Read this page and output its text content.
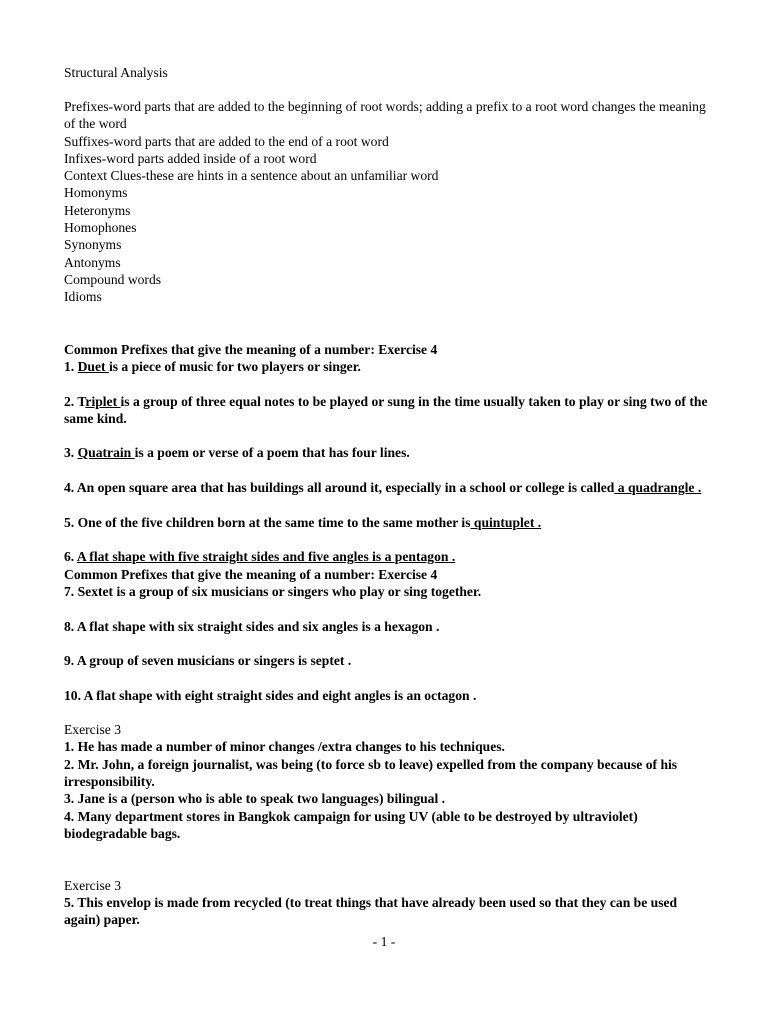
Structural Analysis
Prefixes-word parts that are added to the beginning of root words; adding a prefix to a root word changes the meaning of the word
Suffixes-word parts that are added to the end of a root word
Infixes-word parts added inside of a root word
Context Clues-these are hints in a sentence about an unfamiliar word
Homonyms
Heteronyms
Homophones
Synonyms
Antonyms
Compound words
Idioms
Common Prefixes that give the meaning of a number: Exercise 4
1. Duet is a piece of music for two players or singer.
2. Triplet is a group of three equal notes to be played or sung in the time usually taken to play or sing two of the same kind.
3. Quatrain is a poem or verse of a poem that has four lines.
4. An open square area that has buildings all around it, especially in a school or college is called a quadrangle .
5. One of the five children born at the same time to the same mother is quintuplet .
6. A flat shape with five straight sides and five angles is a pentagon .
Common Prefixes that give the meaning of a number: Exercise 4
7. Sextet is a group of six musicians or singers who play or sing together.
8. A flat shape with six straight sides and six angles is a hexagon .
9. A group of seven musicians or singers is septet .
10. A flat shape with eight straight sides and eight angles is an octagon .
Exercise 3
1. He has made a number of minor changes /extra changes to his techniques.
2. Mr. John, a foreign journalist, was being (to force sb to leave) expelled from the company because of his irresponsibility.
3. Jane is a (person who is able to speak two languages) bilingual .
4. Many department stores in Bangkok campaign for using UV (able to be destroyed by ultraviolet) biodegradable bags.
Exercise 3
5. This envelop is made from recycled (to treat things that have already been used so that they can be used again) paper.
- 1 -
